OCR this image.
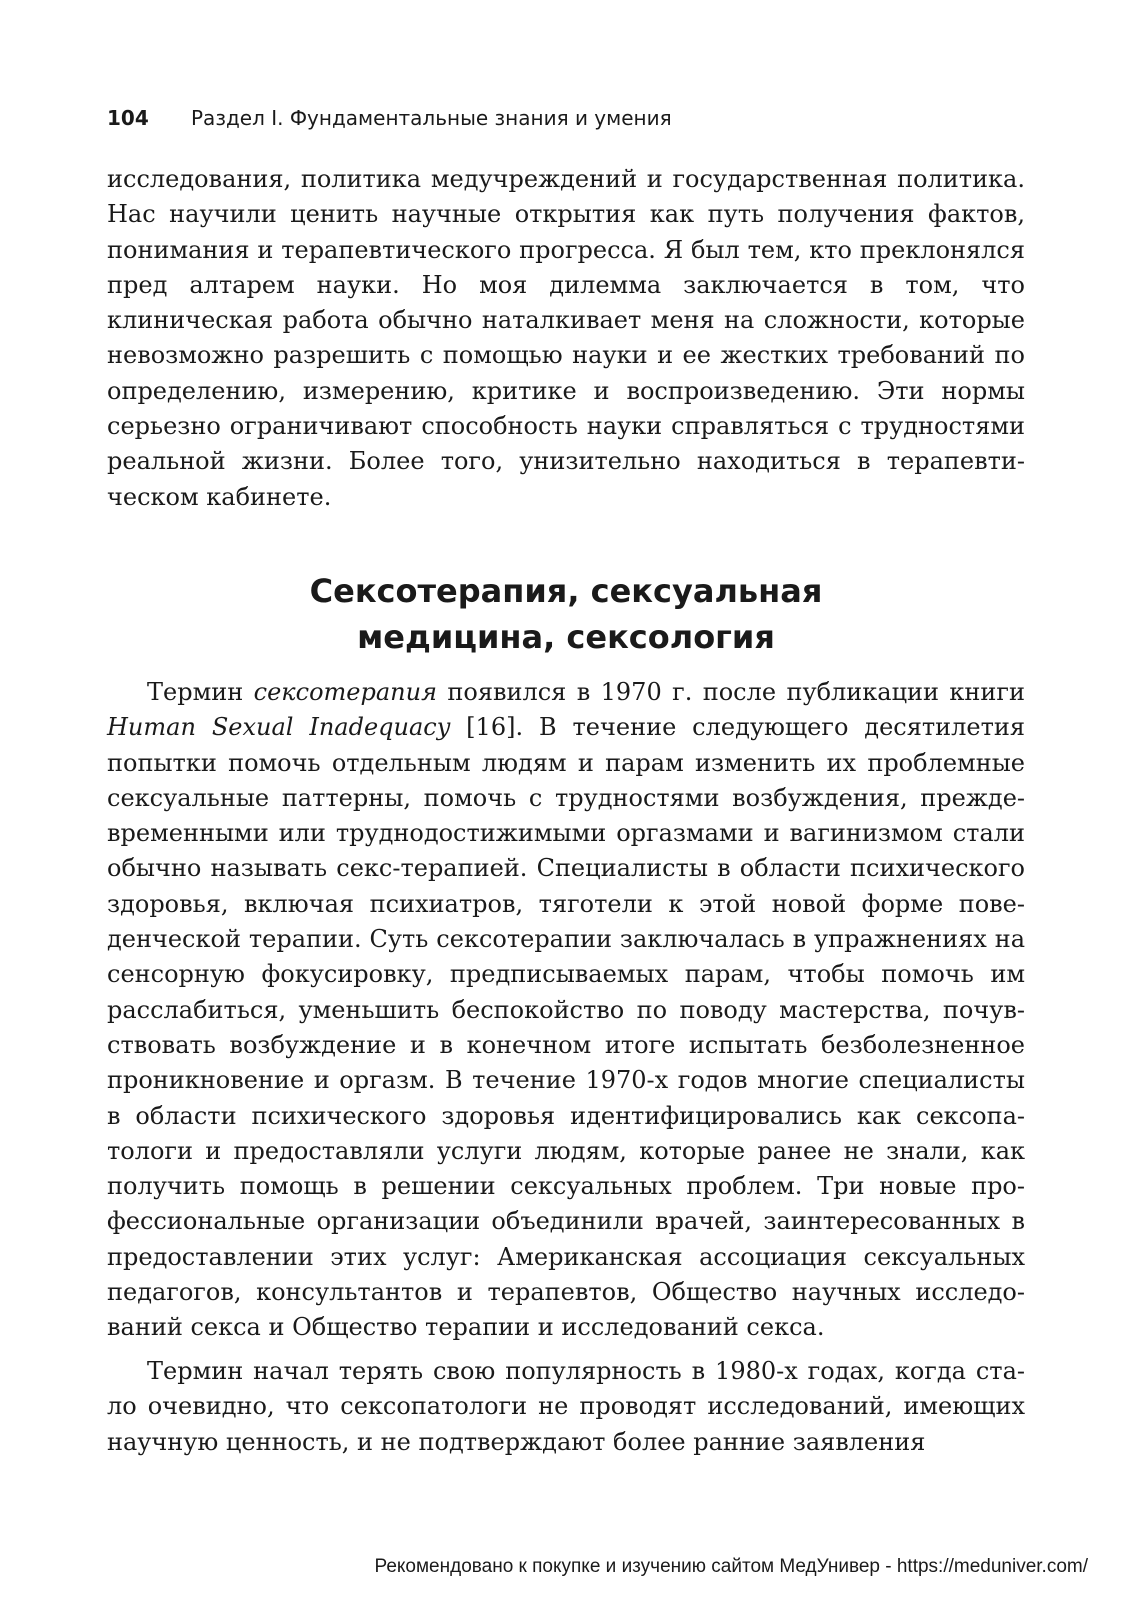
104 Раздел I. Фундаментальные знания и умения

исследования, политика медучреждений и государственная политика. Нас научили ценить научные открытия как путь получения фактов, понимания и терапевтического прогресса. Я был тем, кто преклонялся пред алтарем науки. Но моя дилемма заключается в том, что клиническая работа обычно наталкивает меня на сложности, которые невозможно разрешить с помощью науки и ее жестких требований по определению, измерению, критике и воспроизведению. Эти нормы серьезно ограничивают способность науки справляться с трудностями реальной жизни. Более того, унизительно находиться в терапевтическом кабинете.

Сексотерапия, сексуальная
медицина, сексология

Термин сексотерапия появился в 1970 г. после публикации книги Human Sexual Inadequacy [16]. В течение следующего десятилетия попытки помочь отдельным людям и парам изменить их проблемные сексуальные паттерны, помочь с трудностями возбуждения, преждевременными или труднодостижимыми оргазмами и вагинизмом стали обычно называть секс-терапией. Специалисты в области психического здоровья, включая психиатров, тяготели к этой новой форме поведенческой терапии. Суть сексотерапии заключалась в упражнениях на сенсорную фокусировку, предписываемых парам, чтобы помочь им расслабиться, уменьшить беспокойство по поводу мастерства, почувствовать возбуждение и в конечном итоге испытать безболезненное проникновение и оргазм. В течение 1970-х годов многие специалисты в области психического здоровья идентифицировались как сексопатологи и предоставляли услуги людям, которые ранее не знали, как получить помощь в решении сексуальных проблем. Три новые профессиональные организации объединили врачей, заинтересованных в предоставлении этих услуг: Американская ассоциация сексуальных педагогов, консультантов и терапевтов, Общество научных исследований секса и Общество терапии и исследований секса.

Термин начал терять свою популярность в 1980-х годах, когда стало очевидно, что сексопатологи не проводят исследований, имеющих научную ценность, и не подтверждают более ранние заявления

Рекомендовано к покупке и изучению сайтом МедУнивер - https://meduniver.com/
